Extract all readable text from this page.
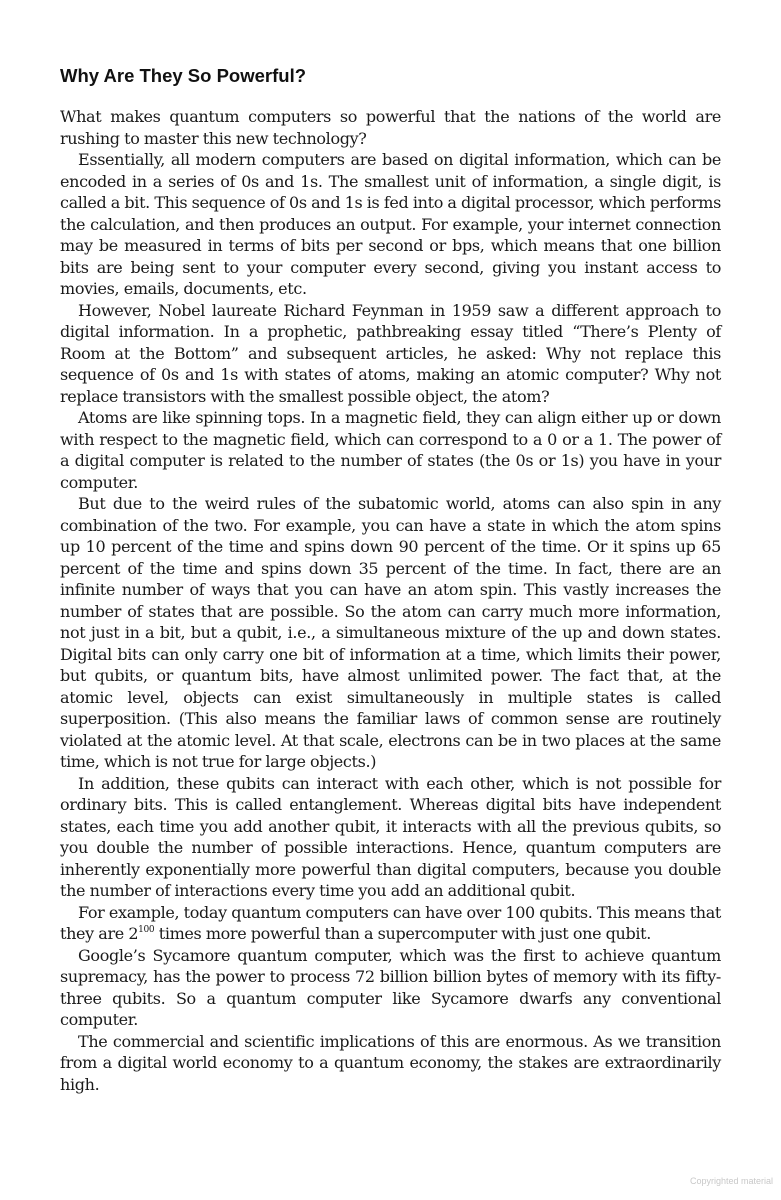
Why Are They So Powerful?

What makes quantum computers so powerful that the nations of the world are rushing to master this new technology?

Essentially, all modern computers are based on digital information, which can be encoded in a series of 0s and 1s. The smallest unit of information, a single digit, is called a bit. This sequence of 0s and 1s is fed into a digital processor, which performs the calculation, and then produces an output. For example, your internet connection may be measured in terms of bits per second or bps, which means that one billion bits are being sent to your computer every second, giving you instant access to movies, emails, documents, etc.

However, Nobel laureate Richard Feynman in 1959 saw a different approach to digital information. In a prophetic, pathbreaking essay titled “There’s Plenty of Room at the Bottom” and subsequent articles, he asked: Why not replace this sequence of 0s and 1s with states of atoms, making an atomic computer? Why not replace transistors with the smallest possible object, the atom?

Atoms are like spinning tops. In a magnetic field, they can align either up or down with respect to the magnetic field, which can correspond to a 0 or a 1. The power of a digital computer is related to the number of states (the 0s or 1s) you have in your computer.

But due to the weird rules of the subatomic world, atoms can also spin in any combination of the two. For example, you can have a state in which the atom spins up 10 percent of the time and spins down 90 percent of the time. Or it spins up 65 percent of the time and spins down 35 percent of the time. In fact, there are an infinite number of ways that you can have an atom spin. This vastly increases the number of states that are possible. So the atom can carry much more information, not just in a bit, but a qubit, i.e., a simultaneous mixture of the up and down states. Digital bits can only carry one bit of information at a time, which limits their power, but qubits, or quantum bits, have almost unlimited power. The fact that, at the atomic level, objects can exist simultaneously in multiple states is called superposition. (This also means the familiar laws of common sense are routinely violated at the atomic level. At that scale, electrons can be in two places at the same time, which is not true for large objects.)

In addition, these qubits can interact with each other, which is not possible for ordinary bits. This is called entanglement. Whereas digital bits have independent states, each time you add another qubit, it interacts with all the previous qubits, so you double the number of possible interactions. Hence, quantum computers are inherently exponentially more powerful than digital computers, because you double the number of interactions every time you add an additional qubit.

For example, today quantum computers can have over 100 qubits. This means that they are $2^{100}$ times more powerful than a supercomputer with just one qubit.

Google’s Sycamore quantum computer, which was the first to achieve quantum supremacy, has the power to process 72 billion billion bytes of memory with its fifty-three qubits. So a quantum computer like Sycamore dwarfs any conventional computer.

The commercial and scientific implications of this are enormous. As we transition from a digital world economy to a quantum economy, the stakes are extraordinarily high.

Copyrighted material
